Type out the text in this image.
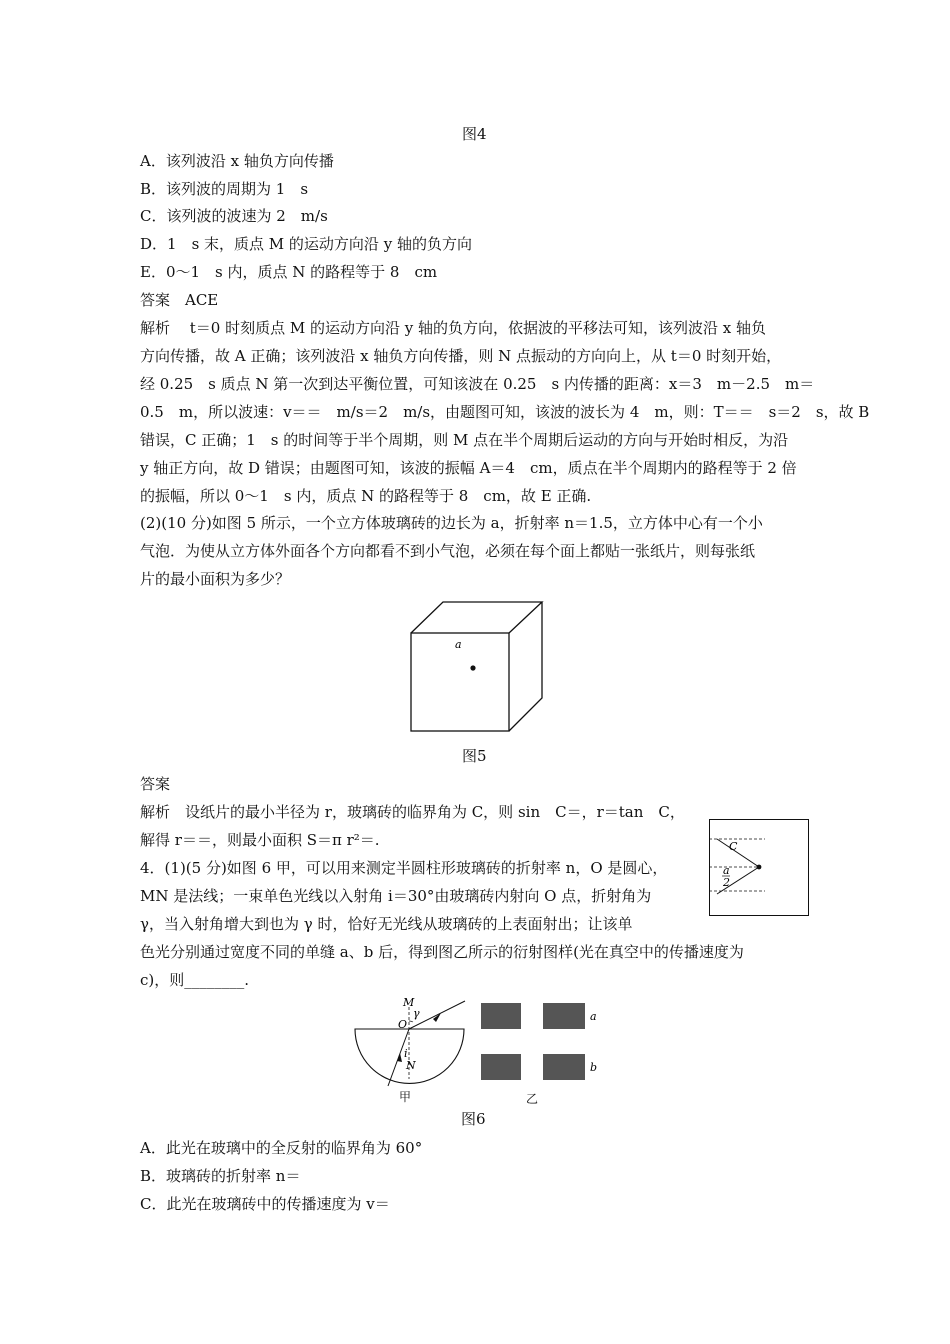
图4
A．该列波沿 x 轴负方向传播
B．该列波的周期为 1　s
C．该列波的波速为 2　m/s
D．1　s 末，质点 M 的运动方向沿 y 轴的负方向
E．0～1　s 内，质点 N 的路程等于 8　cm
答案　ACE
解析　 t＝0 时刻质点 M 的运动方向沿 y 轴的负方向，依据波的平移法可知，该列波沿 x 轴负
方向传播，故 A 正确；该列波沿 x 轴负方向传播，则 N 点振动的方向向上，从 t＝0 时刻开始，
经 0.25　s 质点 N 第一次到达平衡位置，可知该波在 0.25　s 内传播的距离：x＝3　m－2.5　m＝
0.5　m，所以波速：v＝＝　m/s＝2　m/s，由题图可知，该波的波长为 4　m，则：T＝＝　s＝2　s，故 B
错误，C 正确；1　s 的时间等于半个周期，则 M 点在半个周期后运动的方向与开始时相反，为沿
y 轴正方向，故 D 错误；由题图可知，该波的振幅 A＝4　cm，质点在半个周期内的路程等于 2 倍
的振幅，所以 0～1　s 内，质点 N 的路程等于 8　cm，故 E 正确.
(2)(10 分)如图 5 所示，一个立方体玻璃砖的边长为 a，折射率 n＝1.5，立方体中心有一个小
气泡．为使从立方体外面各个方向都看不到小气泡，必须在每个面上都贴一张纸片，则每张纸
片的最小面积为多少？
a
图5
答案
解析　设纸片的最小半径为 r，玻璃砖的临界角为 C，则 sin　C＝，r＝tan　C，
解得 r＝＝，则最小面积 S＝π r²＝.	C
a
2
4．(1)(5 分)如图 6 甲，可以用来测定半圆柱形玻璃砖的折射率 n，O 是圆心，
MN 是法线；一束单色光线以入射角 i＝30°由玻璃砖内射向 O 点，折射角为
γ，当入射角增大到也为 γ 时，恰好无光线从玻璃砖的上表面射出；让该单
色光分别通过宽度不同的单缝 a、b 后，得到图乙所示的衍射图样(光在真空中的传播速度为
c)，则________.
M
O
γ
i
N
甲
a
b
乙
图6
A．此光在玻璃中的全反射的临界角为 60°
B．玻璃砖的折射率 n＝
C．此光在玻璃砖中的传播速度为 v＝
